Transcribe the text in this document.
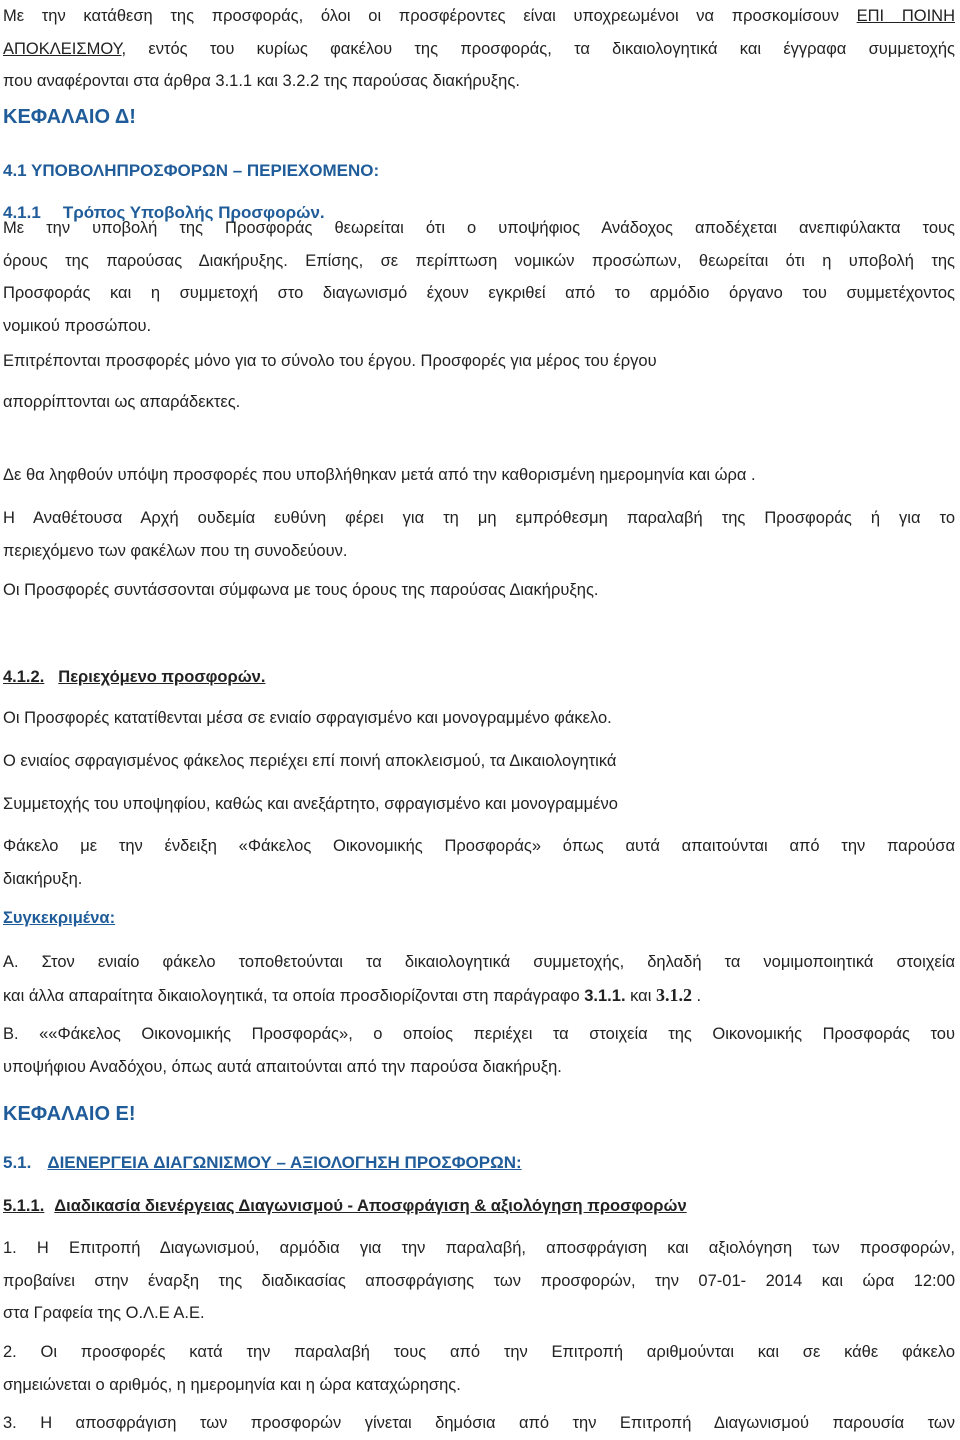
Με την κατάθεση της προσφοράς, όλοι οι προσφέροντες είναι υποχρεωμένοι να προσκομίσουν ΕΠΙ ΠΟΙΝΗ
ΑΠΟΚΛΕΙΣΜΟΥ, εντός του κυρίως φακέλου της προσφοράς, τα δικαιολογητικά και έγγραφα συμμετοχής
που αναφέρονται στα άρθρα 3.1.1 και 3.2.2 της παρούσας διακήρυξης.
ΚΕΦΑΛΑΙΟ Δ!
4.1 ΥΠΟΒΟΛΗΠΡΟΣΦΟΡΩΝ – ΠΕΡΙΕΧΟΜΕΝΟ:
4.1.1 Τρόπος Υποβολής Προσφορών.
Με την υποβολή της Προσφοράς θεωρείται ότι ο υποψήφιος Ανάδοχος αποδέχεται ανεπιφύλακτα τους
όρους της παρούσας Διακήρυξης. Επίσης, σε περίπτωση νομικών προσώπων, θεωρείται ότι η υποβολή της
Προσφοράς και η συμμετοχή στο διαγωνισμό έχουν εγκριθεί από το αρμόδιο όργανο του συμμετέχοντος
νομικού προσώπου.
Επιτρέπονται προσφορές μόνο για το σύνολο του έργου. Προσφορές για μέρος του έργου
απορρίπτονται ως απαράδεκτες.
Δε θα ληφθούν υπόψη προσφορές που υποβλήθηκαν μετά από την καθορισμένη ημερομηνία και ώρα .
Η Αναθέτουσα Αρχή ουδεμία ευθύνη φέρει για τη μη εμπρόθεσμη παραλαβή της Προσφοράς ή για το
περιεχόμενο των φακέλων που τη συνοδεύουν.
Οι Προσφορές συντάσσονται σύμφωνα με τους όρους της παρούσας Διακήρυξης.
4.1.2. Περιεχόμενο προσφορών.
Οι Προσφορές κατατίθενται μέσα σε ενιαίο σφραγισμένο και μονογραμμένο φάκελο.
Ο ενιαίος σφραγισμένος φάκελος περιέχει επί ποινή αποκλεισμού, τα Δικαιολογητικά
Συμμετοχής του υποψηφίου, καθώς και ανεξάρτητο, σφραγισμένο και μονογραμμένο
Φάκελο με την ένδειξη «Φάκελος Οικονομικής Προσφοράς» όπως αυτά απαιτούνται από την παρούσα
διακήρυξη.
Συγκεκριμένα:
Α. Στον ενιαίο φάκελο τοποθετούνται τα δικαιολογητικά συμμετοχής, δηλαδή τα νομιμοποιητικά στοιχεία
και άλλα απαραίτητα δικαιολογητικά, τα οποία προσδιορίζονται στη παράγραφο 3.1.1. και 3.1.2 .
Β. ««Φάκελος Οικονομικής Προσφοράς», ο οποίος περιέχει τα στοιχεία της Οικονομικής Προσφοράς του
υποψήφιου Αναδόχου, όπως αυτά απαιτούνται από την παρούσα διακήρυξη.
ΚΕΦΑΛΑΙΟ Ε!
5.1. ΔΙΕΝΕΡΓΕΙΑ ΔΙΑΓΩΝΙΣΜΟΥ – ΑΞΙΟΛΟΓΗΣΗ ΠΡΟΣΦΟΡΩΝ:
5.1.1. Διαδικασία διενέργειας Διαγωνισμού - Αποσφράγιση & αξιολόγηση προσφορών
1. Η Επιτροπή Διαγωνισμού, αρμόδια για την παραλαβή, αποσφράγιση και αξιολόγηση των προσφορών,
προβαίνει στην έναρξη της διαδικασίας αποσφράγισης των προσφορών, την 07-01- 2014 και ώρα 12:00
στα Γραφεία της Ο.Λ.Ε Α.Ε.
2. Οι προσφορές κατά την παραλαβή τους από την Επιτροπή αριθμούνται και σε κάθε φάκελο
σημειώνεται ο αριθμός, η ημερομηνία και η ώρα καταχώρησης.
3. Η αποσφράγιση των προσφορών γίνεται δημόσια από την Επιτροπή Διαγωνισμού παρουσία των
